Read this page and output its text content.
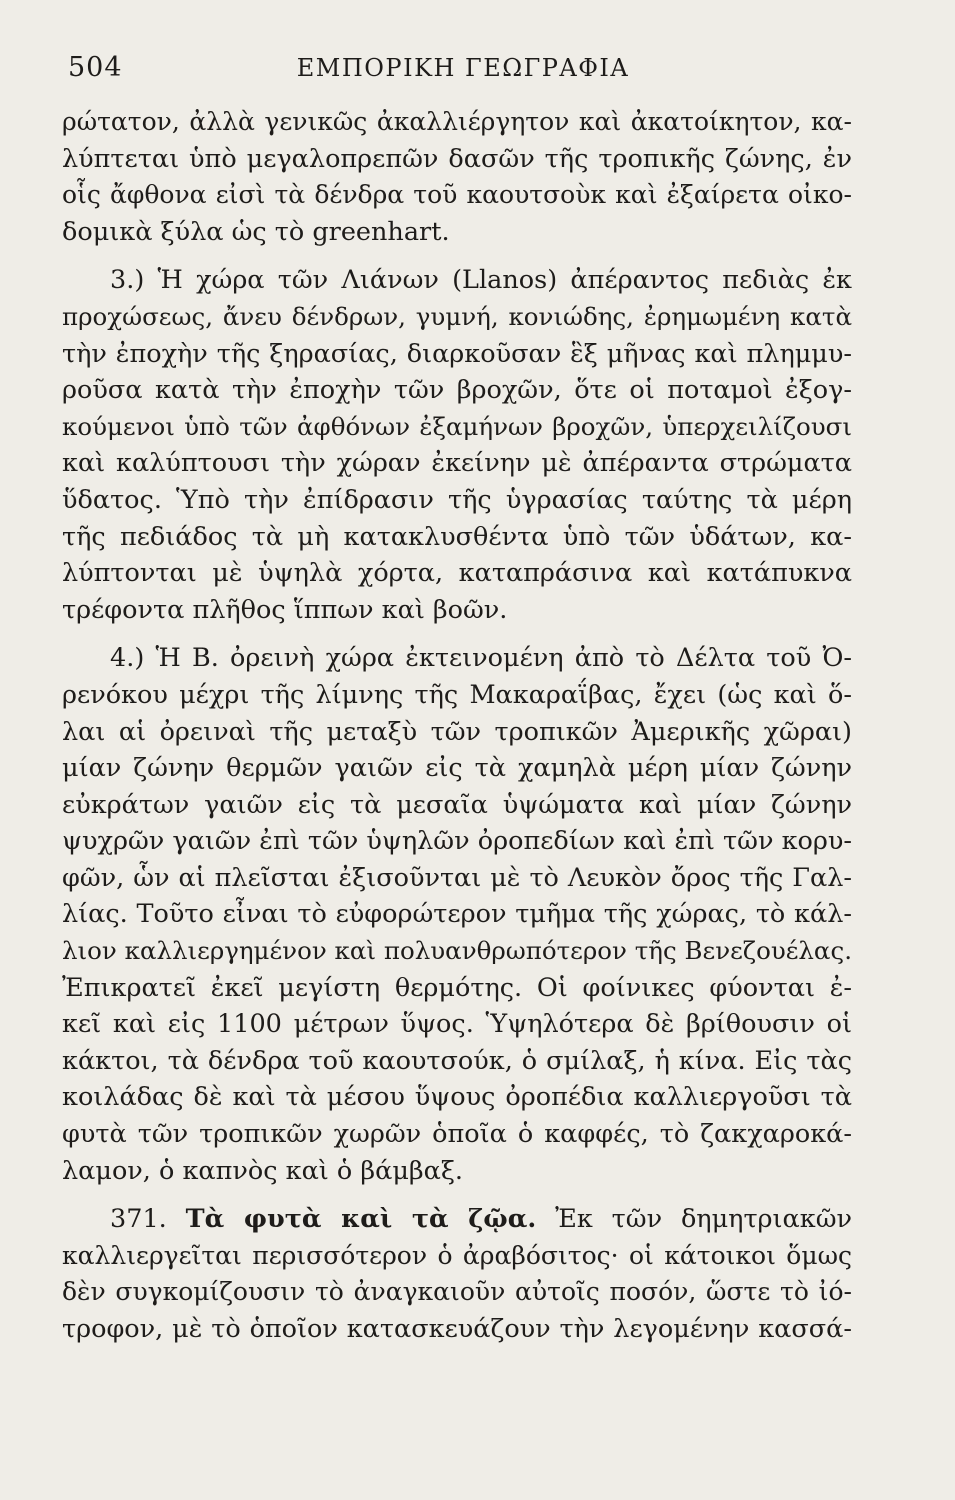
504	ΕΜΠΟΡΙΚΗ ΓΕΩΓΡΑΦΙΑ
ρώτατον, ἀλλὰ γενικῶς ἀκαλλιέργητον καὶ ἀκατοίκητον, κα-
λύπτεται ὑπὸ μεγαλοπρεπῶν δασῶν τῆς τροπικῆς ζώνης, ἐν
οἷς ἄφθονα εἰσὶ τὰ δένδρα τοῦ καουτσοὺκ καὶ ἐξαίρετα οἰκο-
δομικὰ ξύλα ὡς τὸ greenhart.
3.) Ἡ χώρα τῶν Λιάνων (Llanos) ἀπέραντος πεδιὰς ἐκ
προχώσεως, ἄνευ δένδρων, γυμνή, κονιώδης, ἐρημωμένη κατὰ
τὴν ἐποχὴν τῆς ξηρασίας, διαρκοῦσαν ἓξ μῆνας καὶ πλημμυ-
ροῦσα κατὰ τὴν ἐποχὴν τῶν βροχῶν, ὅτε οἱ ποταμοὶ ἐξογ-
κούμενοι ὑπὸ τῶν ἀφθόνων ἐξαμήνων βροχῶν, ὑπερχειλίζουσι
καὶ καλύπτουσι τὴν χώραν ἐκείνην μὲ ἀπέραντα στρώματα
ὕδατος. Ὑπὸ τὴν ἐπίδρασιν τῆς ὑγρασίας ταύτης τὰ μέρη
τῆς πεδιάδος τὰ μὴ κατακλυσθέντα ὑπὸ τῶν ὑδάτων, κα-
λύπτονται μὲ ὑψηλὰ χόρτα, καταπράσινα καὶ κατάπυκνα
τρέφοντα πλῆθος ἵππων καὶ βοῶν.
4.) Ἡ Β. ὀρεινὴ χώρα ἐκτεινομένη ἀπὸ τὸ Δέλτα τοῦ Ὀ-
ρενόκου μέχρι τῆς λίμνης τῆς Μακαραΐβας, ἔχει (ὡς καὶ ὅ-
λαι αἱ ὀρειναὶ τῆς μεταξὺ τῶν τροπικῶν Ἀμερικῆς χῶραι)
μίαν ζώνην θερμῶν γαιῶν εἰς τὰ χαμηλὰ μέρη μίαν ζώνην
εὐκράτων γαιῶν εἰς τὰ μεσαῖα ὑψώματα καὶ μίαν ζώνην
ψυχρῶν γαιῶν ἐπὶ τῶν ὑψηλῶν ὀροπεδίων καὶ ἐπὶ τῶν κορυ-
φῶν, ὧν αἱ πλεῖσται ἐξισοῦνται μὲ τὸ Λευκὸν ὄρος τῆς Γαλ-
λίας. Τοῦτο εἶναι τὸ εὐφορώτερον τμῆμα τῆς χώρας, τὸ κάλ-
λιον καλλιεργημένον καὶ πολυανθρωπότερον τῆς Βενεζουέλας.
Ἐπικρατεῖ ἐκεῖ μεγίστη θερμότης. Οἱ φοίνικες φύονται ἐ-
κεῖ καὶ εἰς 1100 μέτρων ὕψος. Ὑψηλότερα δὲ βρίθουσιν οἱ
κάκτοι, τὰ δένδρα τοῦ καουτσούκ, ὁ σμίλαξ, ἡ κίνα. Εἰς τὰς
κοιλάδας δὲ καὶ τὰ μέσου ὕψους ὀροπέδια καλλιεργοῦσι τὰ
φυτὰ τῶν τροπικῶν χωρῶν ὁποῖα ὁ καφφές, τὸ ζακχαροκά-
λαμον, ὁ καπνὸς καὶ ὁ βάμβαξ.
371. Τὰ φυτὰ καὶ τὰ ζῷα. Ἐκ τῶν δημητριακῶν
καλλιεργεῖται περισσότερον ὁ ἀραβόσιτος· οἱ κάτοικοι ὅμως
δὲν συγκομίζουσιν τὸ ἀναγκαιοῦν αὐτοῖς ποσόν, ὥστε τὸ ἰό-
τροφον, μὲ τὸ ὁποῖον κατασκευάζουν τὴν λεγομένην κασσά-
